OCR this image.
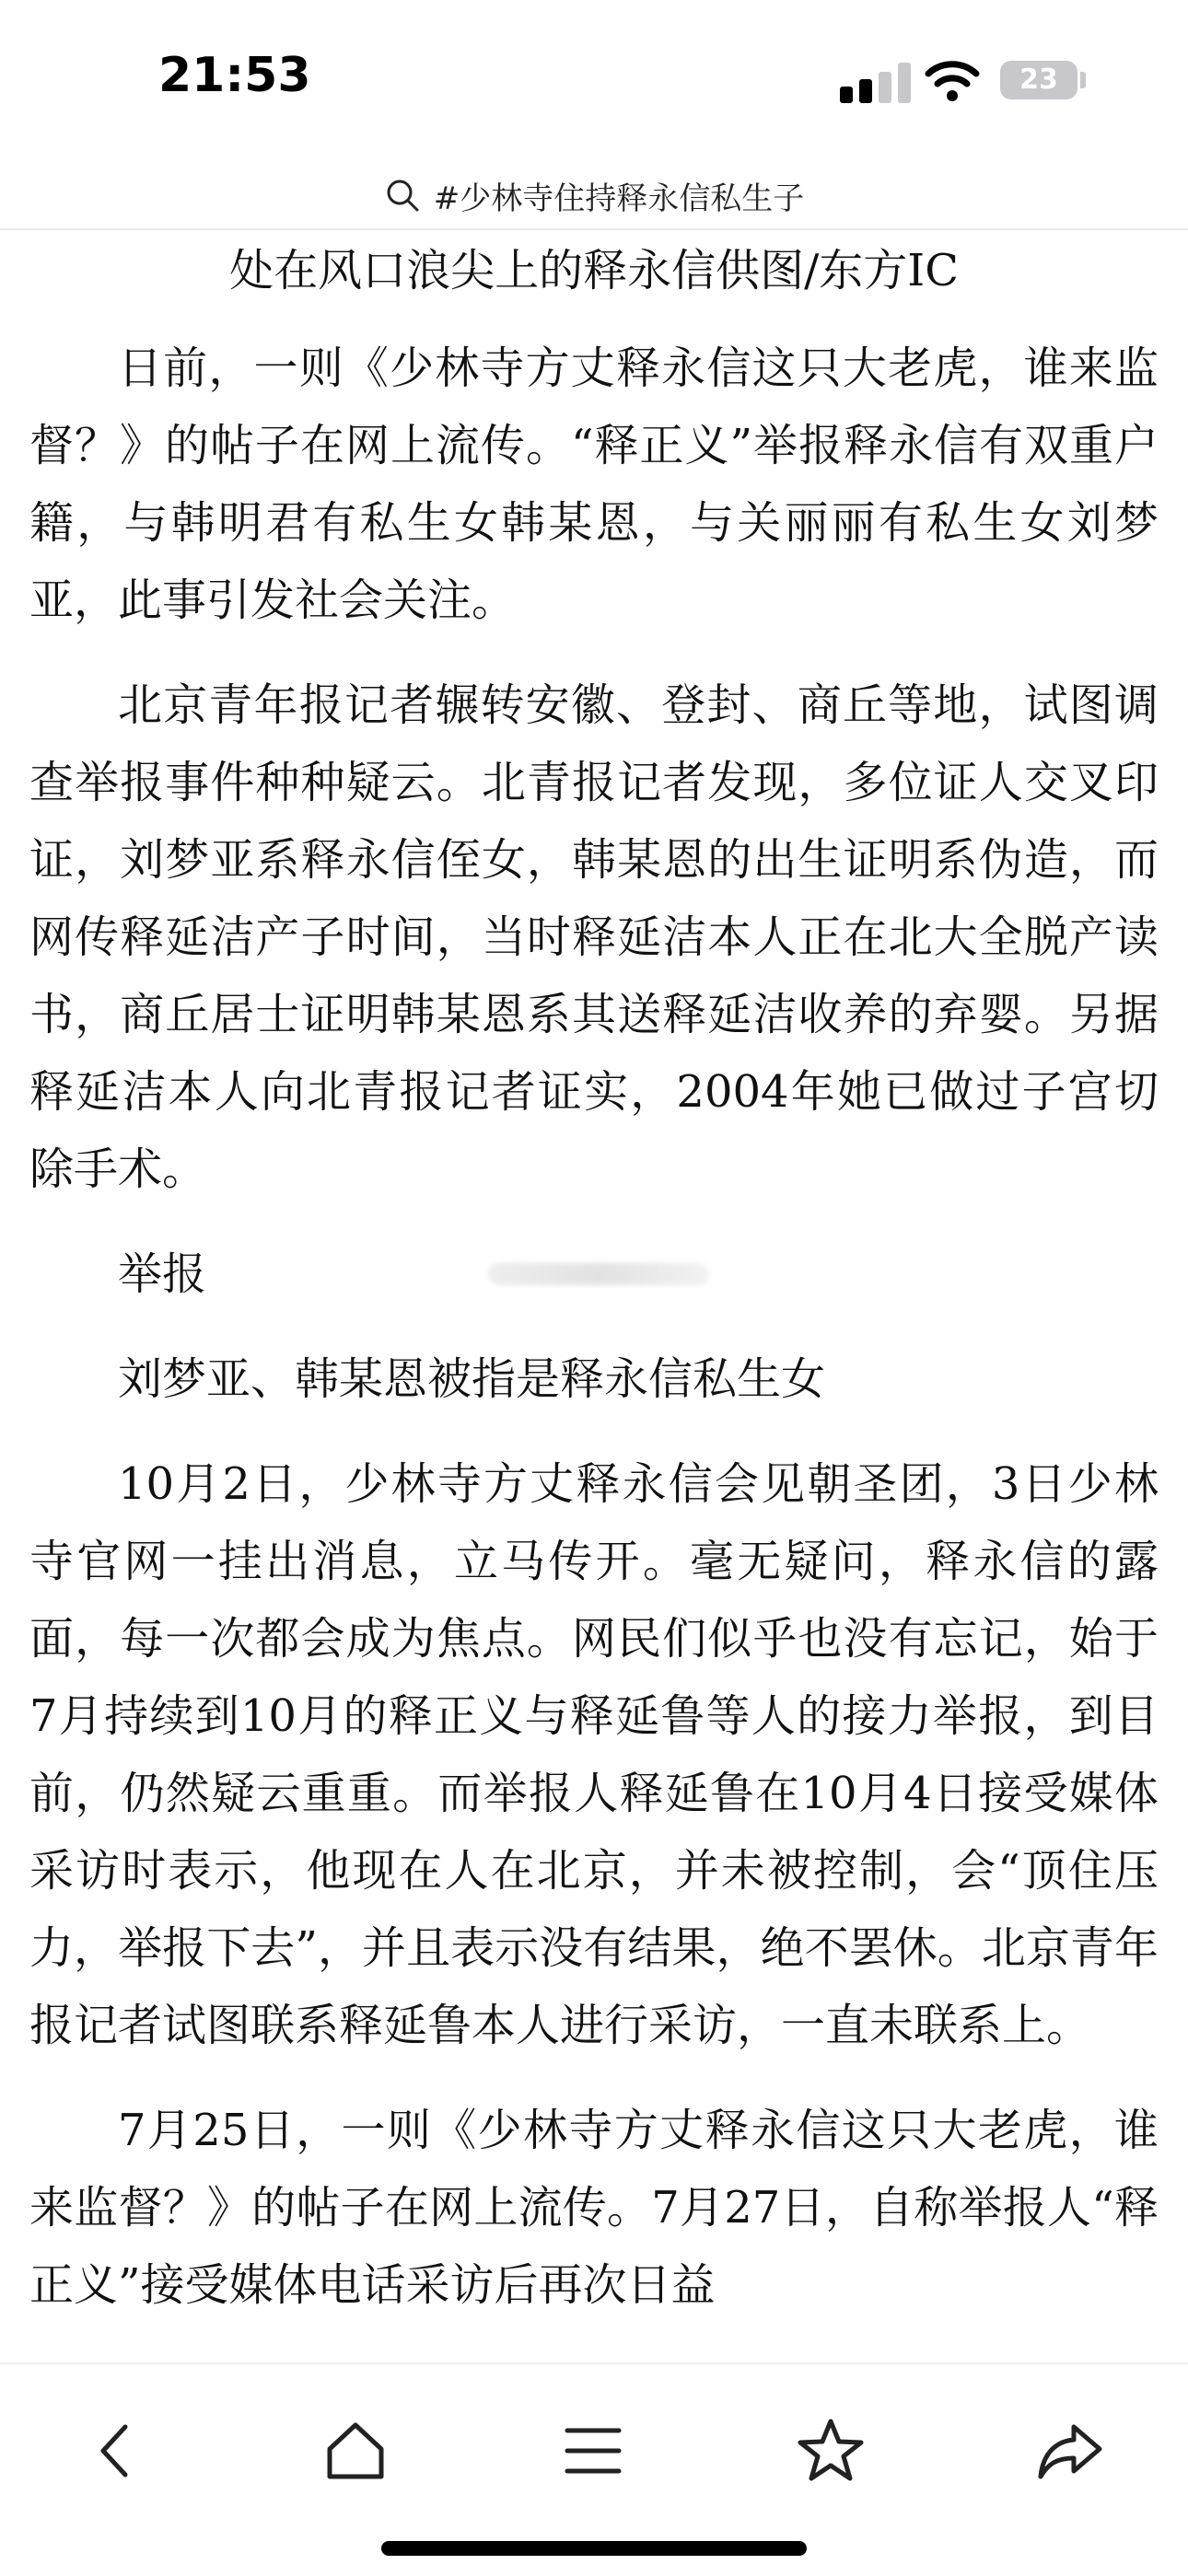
21:53	23
#少林寺住持释永信私生子

处在风口浪尖上的释永信供图/东方IC

日前，一则《少林寺方丈释永信这只大老虎，谁来监督？》的帖子在网上流传。“释正义”举报释永信有双重户籍，与韩明君有私生女韩某恩，与关丽丽有私生女刘梦亚，此事引发社会关注。

北京青年报记者辗转安徽、登封、商丘等地，试图调查举报事件种种疑云。北青报记者发现，多位证人交叉印证，刘梦亚系释永信侄女，韩某恩的出生证明系伪造，而网传释延洁产子时间，当时释延洁本人正在北大全脱产读书，商丘居士证明韩某恩系其送释延洁收养的弃婴。另据释延洁本人向北青报记者证实，2004年她已做过子宫切除手术。

举报

刘梦亚、韩某恩被指是释永信私生女

10月2日，少林寺方丈释永信会见朝圣团，3日少林寺官网一挂出消息，立马传开。毫无疑问，释永信的露面，每一次都会成为焦点。网民们似乎也没有忘记，始于7月持续到10月的释正义与释延鲁等人的接力举报，到目前，仍然疑云重重。而举报人释延鲁在10月4日接受媒体采访时表示，他现在人在北京，并未被控制，会“顶住压力，举报下去”，并且表示没有结果，绝不罢休。北京青年报记者试图联系释延鲁本人进行采访，一直未联系上。

7月25日，一则《少林寺方丈释永信这只大老虎，谁来监督？》的帖子在网上流传。7月27日，自称举报人“释正义”接受媒体电话采访后再次日益
